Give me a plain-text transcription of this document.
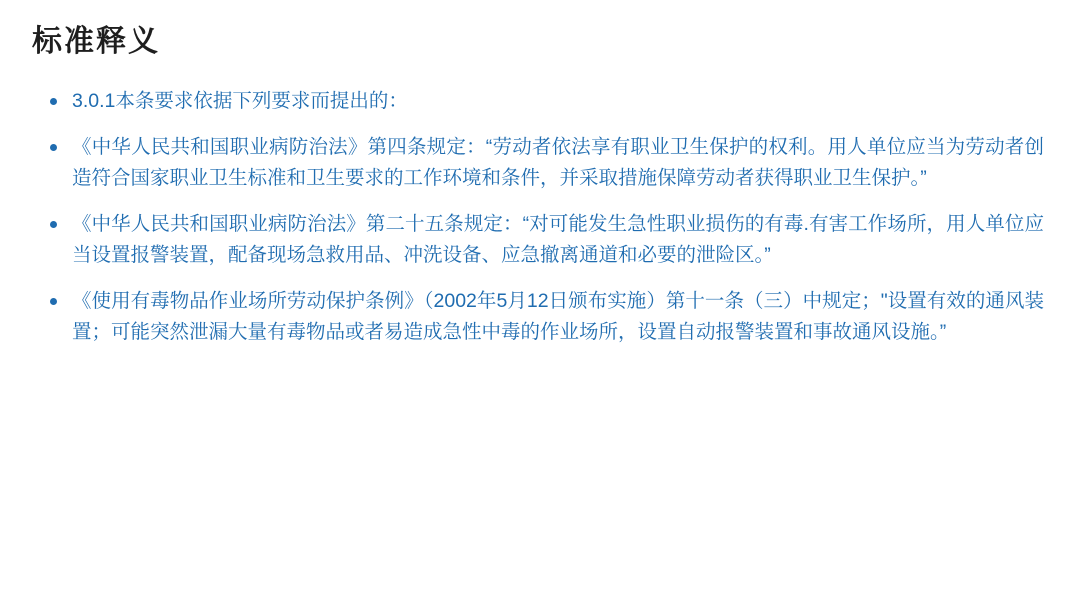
标准释义
3.0.1本条要求依据下列要求而提出的：
《中华人民共和国职业病防治法》第四条规定：“劳动者依法享有职业卫生保护的权利。用人单位应当为劳动者创造符合国家职业卫生标准和卫生要求的工作环境和条件，并采取措施保障劳动者获得职业卫生保护。”
《中华人民共和国职业病防治法》第二十五条规定：“对可能发生急性职业损伤的有毒.有害工作场所，用人单位应当设置报警装置，配备现场急救用品、冲洗设备、应急撤离通道和必要的泄险区。”
《使用有毒物品作业场所劳动保护条例》（2002年5月12日颁布实施）第十一条（三）中规定；"设置有效的通风装置；可能突然泄漏大量有毒物品或者易造成急性中毒的作业场所，设置自动报警装置和事故通风设施。”
